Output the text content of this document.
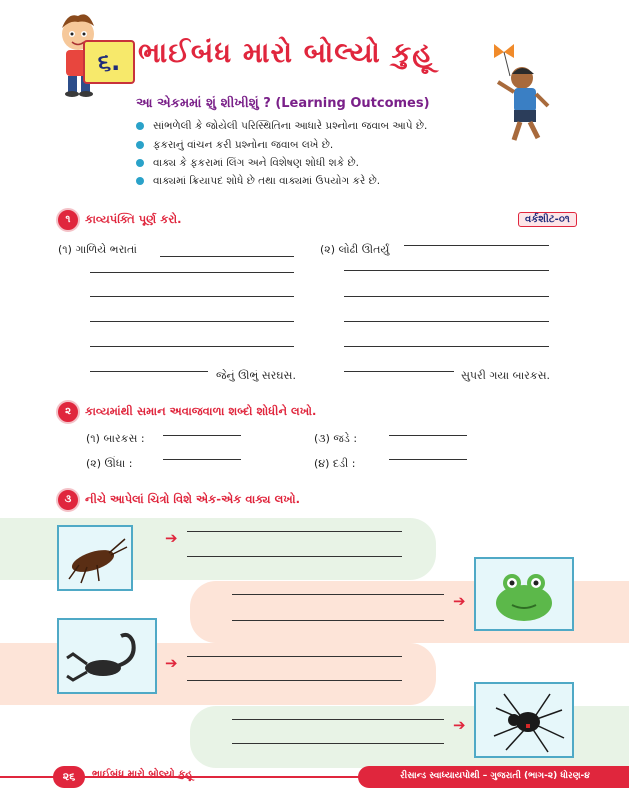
૬. ભાઈબંધ મારો બોલ્યો કુહૂ
આ એકમમાં શું શીખીશું ? (Learning Outcomes)
સાંભળેલી કે જોયેલી પરિસ્થિતિના આધારે પ્રશ્નોના જવાબ આપે છે.
ફકરાનું વાંચન કરી પ્રશ્નોના જવાબ લખે છે.
વાક્ય કે ફકરામાં લિંગ અને વિશેષણ શોધી શકે છે.
વાક્યમાં ક્રિયાપદ શોધે છે તથા વાક્યમાં ઉપયોગ કરે છે.
૧	કાવ્યપંક્તિ પૂર્ણ કરો.	વર્કશીટ-૦૧
(૧) ગાળિયે ભરાતાં
જેનું ઊભું સરઘસ.
(૨) લોઢી ઊતર્યું
સુપરી ગયા બારકસ.
૨	કાવ્યમાંથી સમાન અવાજવાળા શબ્દો શોધીને લખો.
(૧) બારકસ :	(૩) જડે :
(૨) ઊંધા :	(૪) દડી :
૩	નીચે આપેલાં ચિત્રો વિશે એક-એક વાક્ય લખો.
➔
➔
➔
➔
૨૬	ભાઈબંધ મારો બોલ્યો કુહૂ	રીસાન્ડ સ્વાધ્યાયપોથી – ગુજરાતી (ભાગ-૨) ધોરણ-૪
